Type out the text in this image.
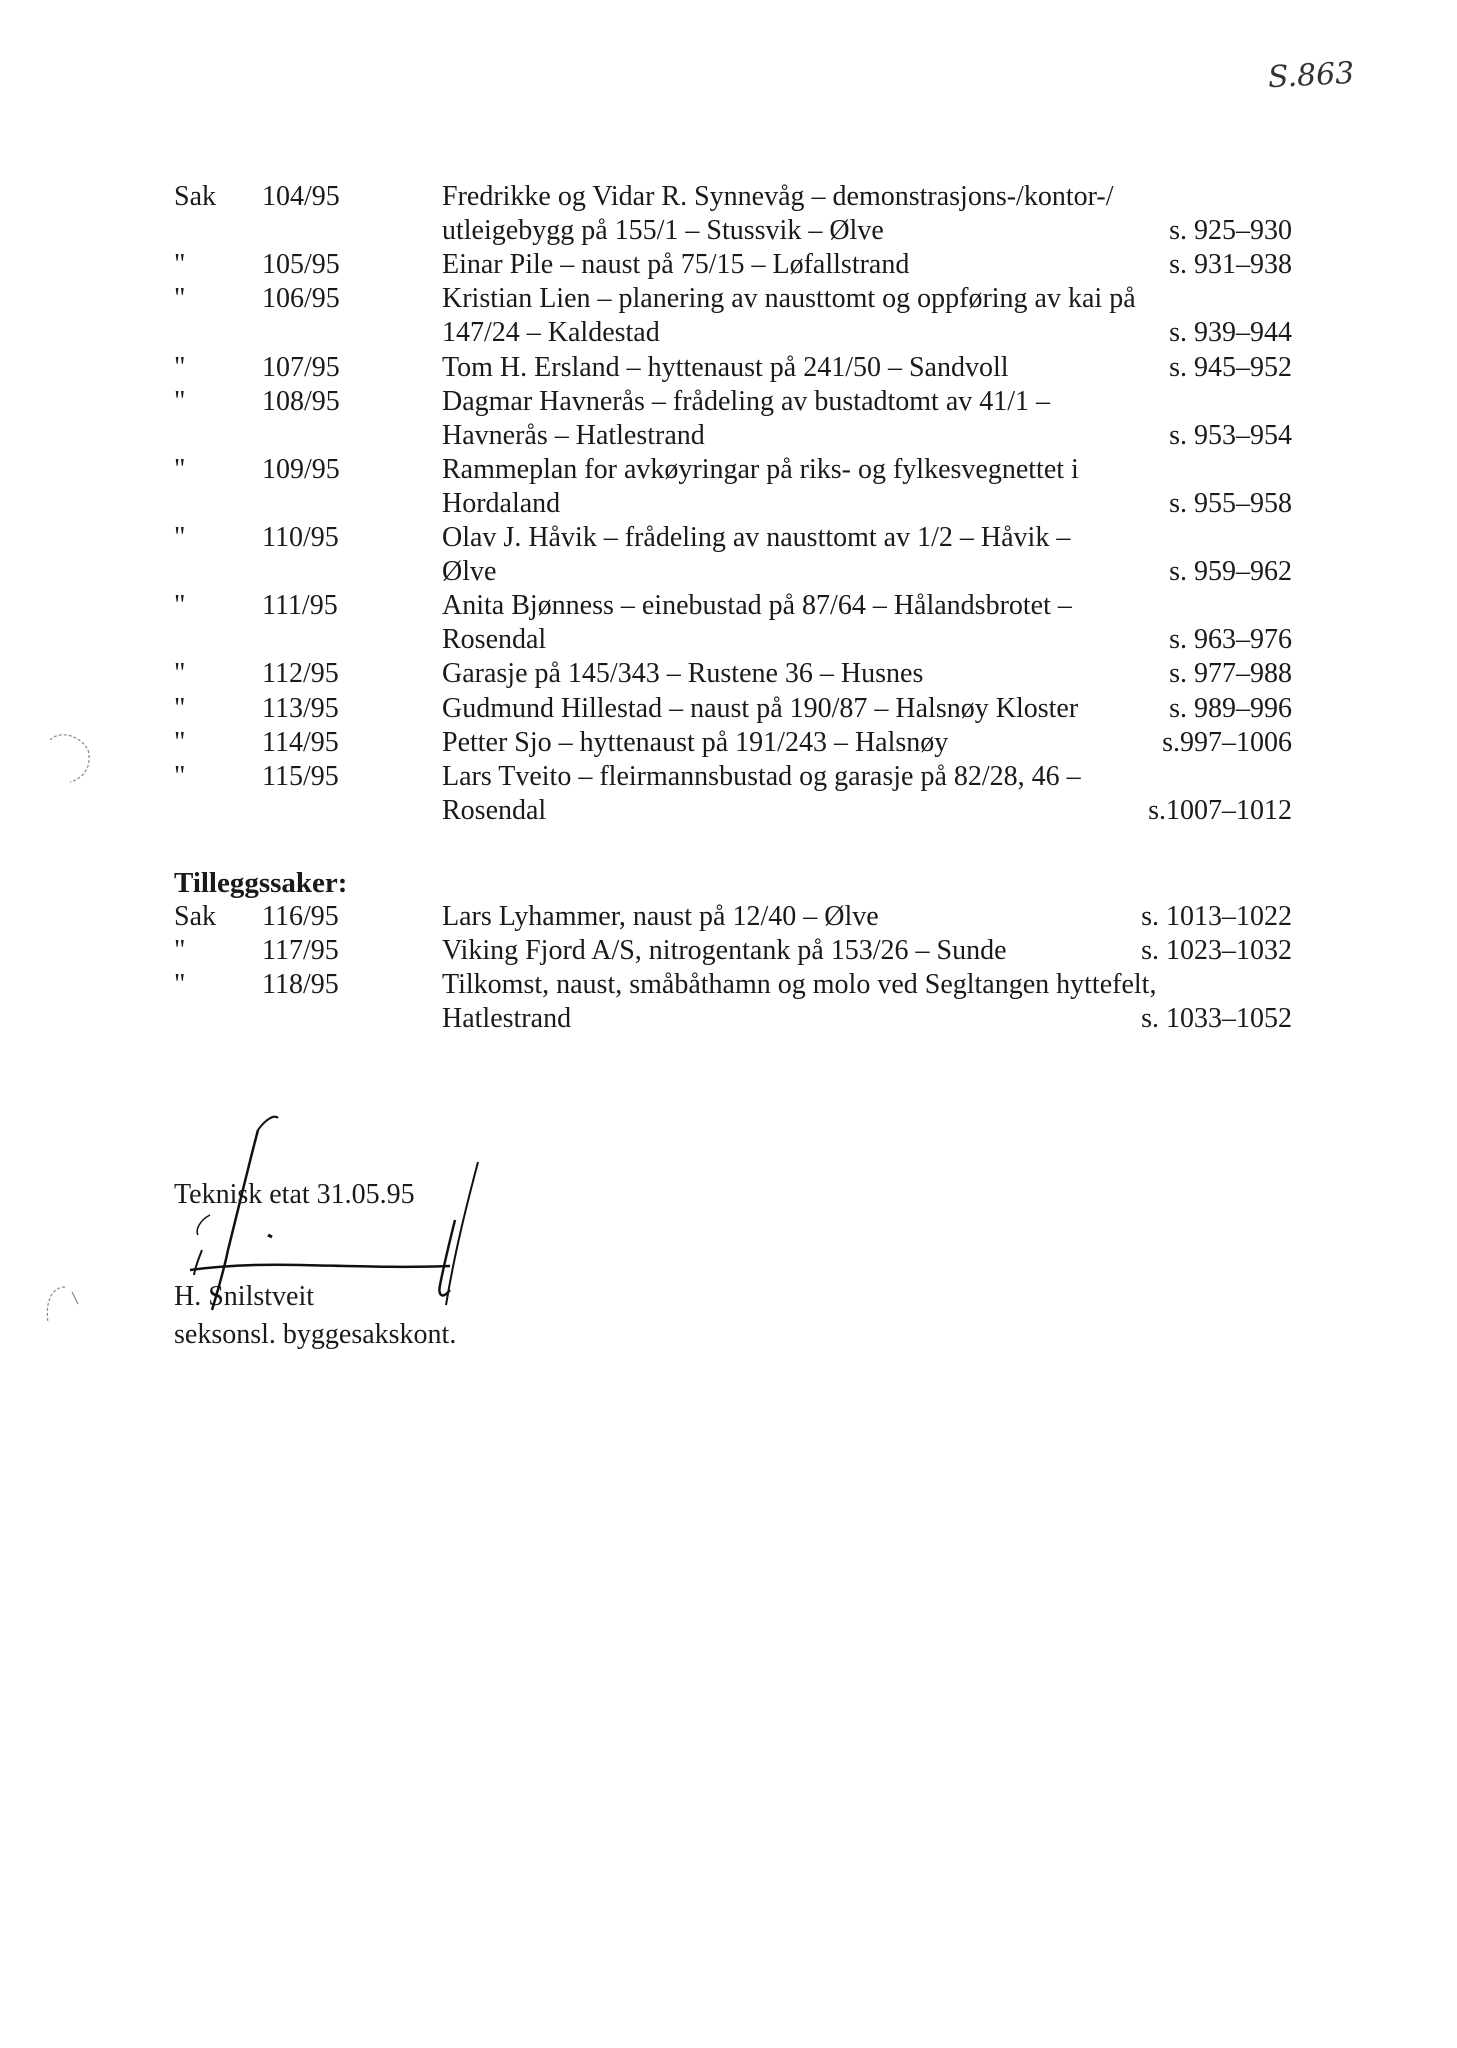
S.863
Sak 104/95	Fredrikke og Vidar R. Synnevåg – demonstrasjons-/kontor-/
utleigebygg på 155/1 – Stussvik – Ølve	s. 925–930
"	105/95	Einar Pile – naust på 75/15 – Løfallstrand	s. 931–938
"	106/95	Kristian Lien – planering av nausttomt og oppføring av kai på
147/24 – Kaldestad	s. 939–944
"	107/95	Tom H. Ersland – hyttenaust på 241/50 – Sandvoll	s. 945–952
"	108/95	Dagmar Havnerås – frådeling av bustadtomt av 41/1 –
Havnerås – Hatlestrand	s. 953–954
"	109/95	Rammeplan for avkøyringar på riks- og fylkesvegnettet i
Hordaland	s. 955–958
"	110/95	Olav J. Håvik – frådeling av nausttomt av 1/2 – Håvik –
Ølve	s. 959–962
"	111/95	Anita Bjønness – einebustad på 87/64 – Hålandsbrotet –
Rosendal	s. 963–976
"	112/95	Garasje på 145/343 – Rustene 36 – Husnes	s. 977–988
"	113/95	Gudmund Hillestad – naust på 190/87 – Halsnøy Kloster	s. 989–996
"	114/95	Petter Sjo – hyttenaust på 191/243 – Halsnøy	s.997–1006
"	115/95	Lars Tveito – fleirmannsbustad og garasje på 82/28, 46 –
Rosendal	s.1007–1012
Tilleggssaker:
Sak 116/95	Lars Lyhammer, naust på 12/40 – Ølve	s. 1013–1022
"	117/95	Viking Fjord A/S, nitrogentank på 153/26 – Sunde	s. 1023–1032
"	118/95	Tilkomst, naust, småbåthamn og molo ved Segltangen hyttefelt,
Hatlestrand	s. 1033–1052
Teknisk etat 31.05.95
H. Snilstveit
seksonsl. byggesakskont.
